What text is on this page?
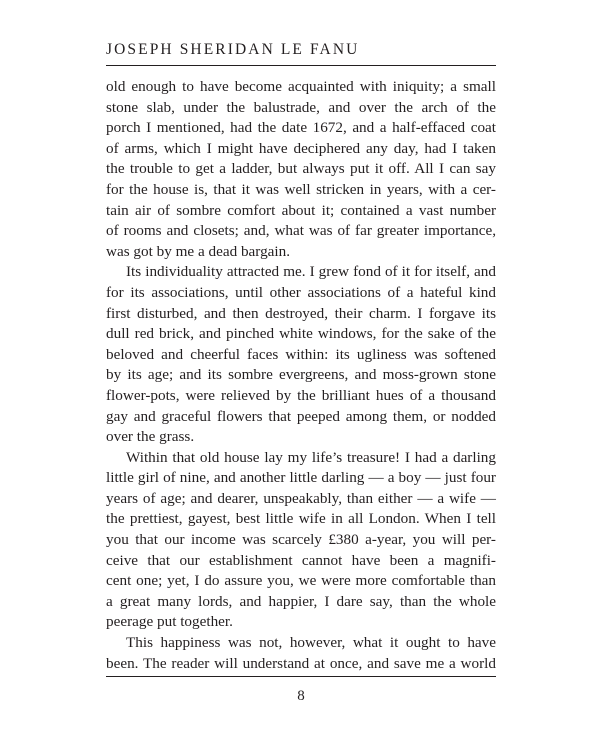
JOSEPH SHERIDAN LE FANU

old enough to have become acquainted with iniquity; a small

stone slab, under the balustrade, and over the arch of the

porch I mentioned, had the date 1672, and a half-effaced coat

of arms, which I might have deciphered any day, had I taken

the trouble to get a ladder, but always put it off. All I can say

for the house is, that it was well stricken in years, with a cer-

tain air of sombre comfort about it; contained a vast number

of rooms and closets; and, what was of far greater importance,

was got by me a dead bargain.

Its individuality attracted me. I grew fond of it for itself, and

for its associations, until other associations of a hateful kind

first disturbed, and then destroyed, their charm. I forgave its

dull red brick, and pinched white windows, for the sake of the

beloved and cheerful faces within: its ugliness was softened

by its age; and its sombre evergreens, and moss-grown stone

flower-pots, were relieved by the brilliant hues of a thousand

gay and graceful flowers that peeped among them, or nodded

over the grass.

Within that old house lay my life’s treasure! I had a darling

little girl of nine, and another little darling — a boy — just four

years of age; and dearer, unspeakably, than either — a wife —

the prettiest, gayest, best little wife in all London. When I tell

you that our income was scarcely £380 a-year, you will per-

ceive that our establishment cannot have been a magnifi-

cent one; yet, I do assure you, we were more comfortable than

a great many lords, and happier, I dare say, than the whole

peerage put together.

This happiness was not, however, what it ought to have

been. The reader will understand at once, and save me a world

8
